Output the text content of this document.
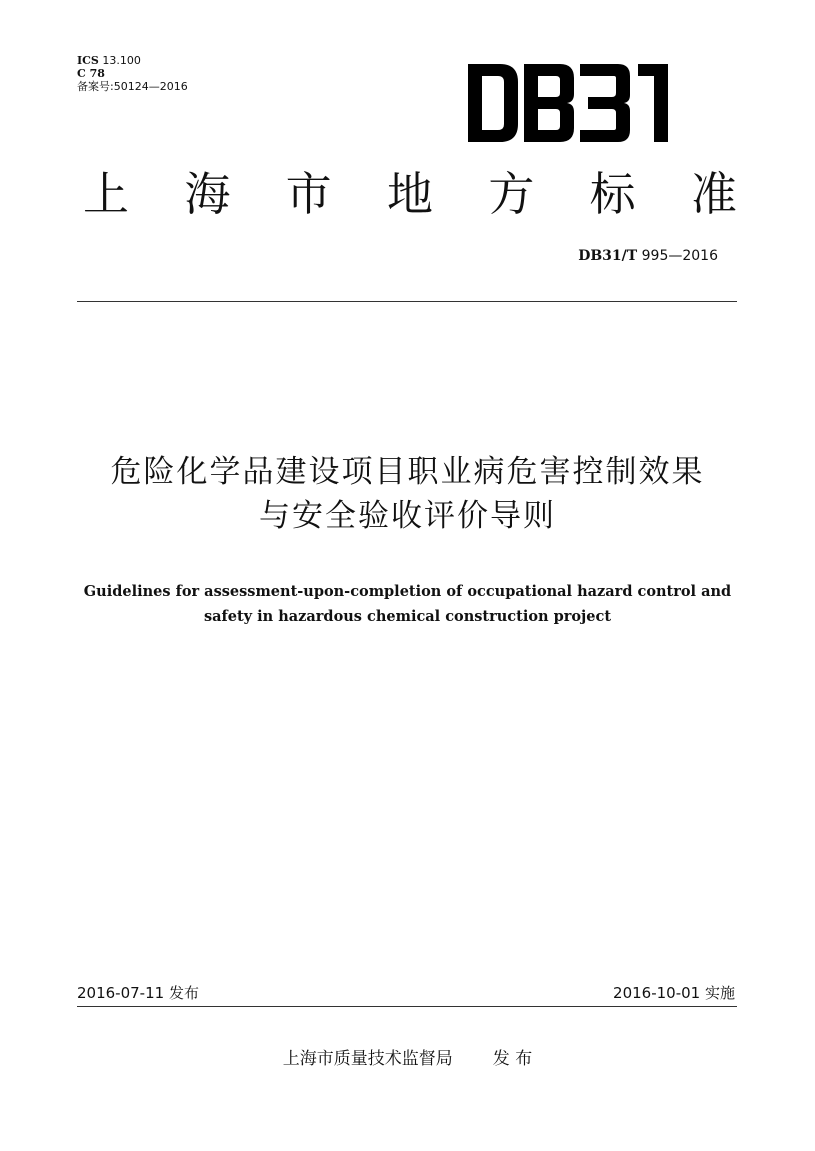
ICS 13.100
C 78
备案号:50124—2016
上	海	市	地	方	标	准
DB31/T 995—2016
危险化学品建设项目职业病危害控制效果
与安全验收评价导则
Guidelines for assessment-upon-completion of occupational hazard control and
safety in hazardous chemical construction project
2016-07-11 发布	2016-10-01 实施
上海市质量技术监督局 发 布
